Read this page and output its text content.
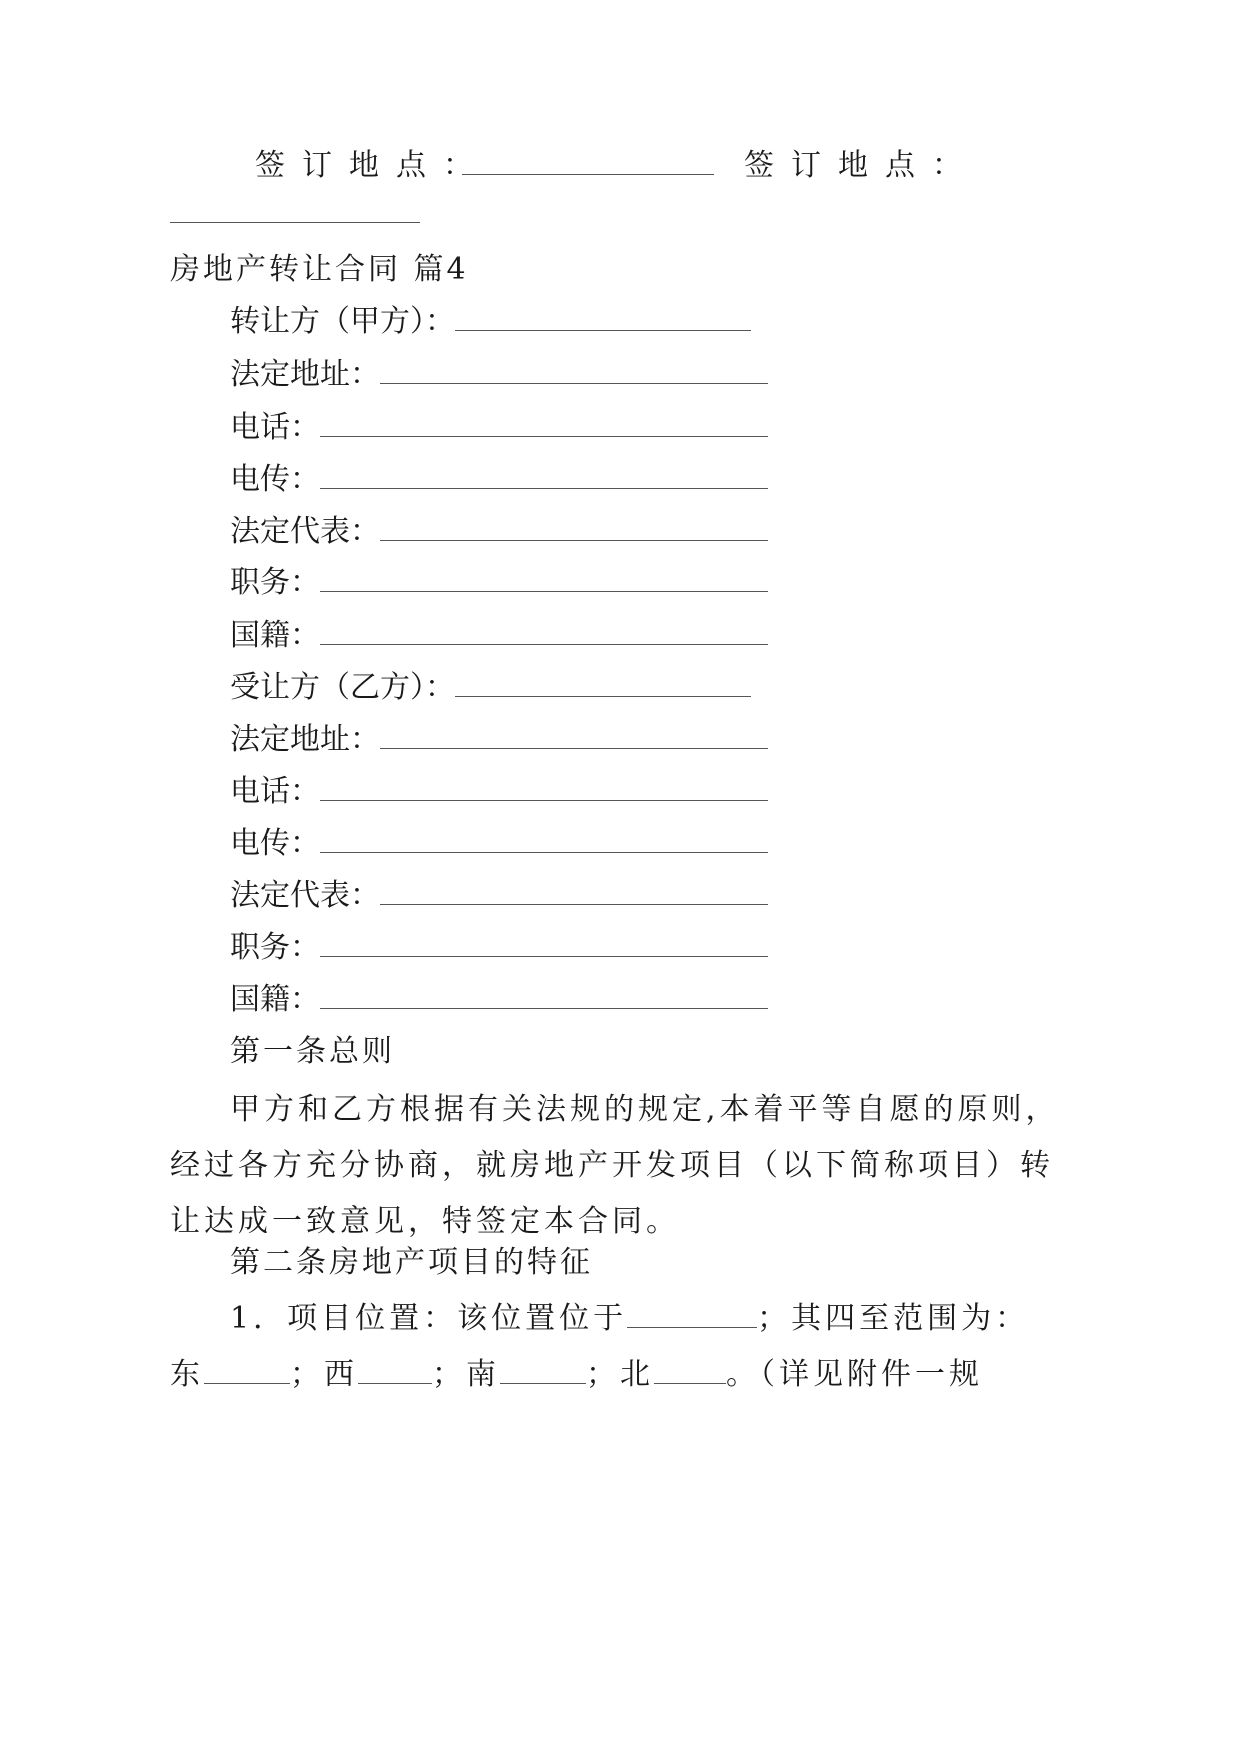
签订地点：	签订地点：
房地产转让合同 篇4
转让方（甲方）：
法定地址：
电话：
电传：
法定代表：
职务：
国籍：
受让方（乙方）：
法定地址：
电话：
电传：
法定代表：
职务：
国籍：
第一条总则
甲方和乙方根据有关法规的规定,本着平等自愿的原则，
经过各方充分协商，就房地产开发项目（以下简称项目）转
让达成一致意见，特签定本合同。
第二条房地产项目的特征
1．项目位置：该位置位于	；其四至范围为：
东	；西 ；南	；北 。（详见附件一规
